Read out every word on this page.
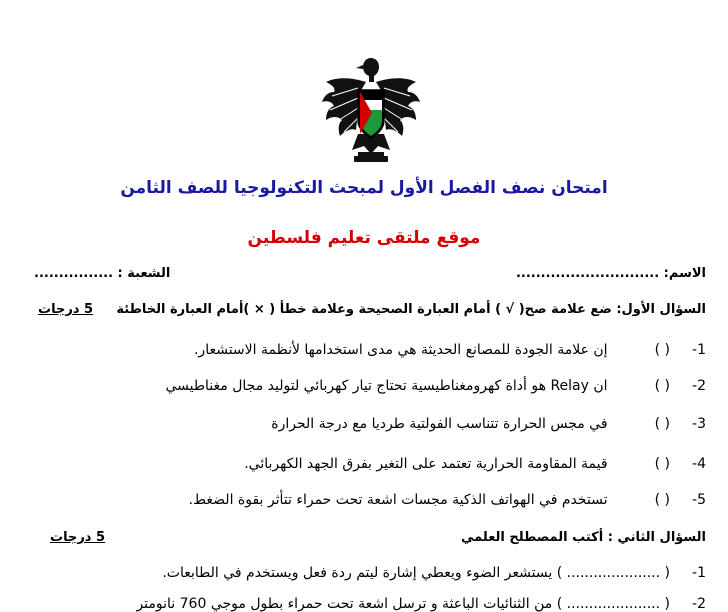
امتحان نصف الفصل الأول لمبحث التكنولوجيا للصف الثامن
موقع ملتقى تعليم فلسطين
الاسم: .............................
الشعبة : ................
السؤال الأول: ضع علامة صح( √ ) أمام العبارة الصحيحة وعلامة خطأ ( × )أمام العبارة الخاطئة
5 درجات
1-( ) إن علامة الجودة للمصانع الحديثة هي مدى استخدامها لأنظمة الاستشعار.
2-( ) ان Relay هو أداة كهرومغناطيسية تحتاج تيار كهربائي لتوليد مجال مغناطيسي
3-( ) في مجس الحرارة تتناسب الفولتية طرديا مع درجة الحرارة
4-( ) قيمة المقاومة الحرارية تعتمد على التغير بفرق الجهد الكهربائي.
5-( ) تستخدم في الهواتف الذكية مجسات اشعة تحت حمراء تتأثر بقوة الضغط.
السؤال الثاني : أكتب المصطلح العلمي
5 درجات
1-( ..................... ) يستشعر الضوء ويعطي إشارة ليتم ردة فعل ويستخدم في الطابعات.
2-( ..................... ) من الثنائيات الباعثة و ترسل اشعة تحت حمراء بطول موجي 760 نانومتر
